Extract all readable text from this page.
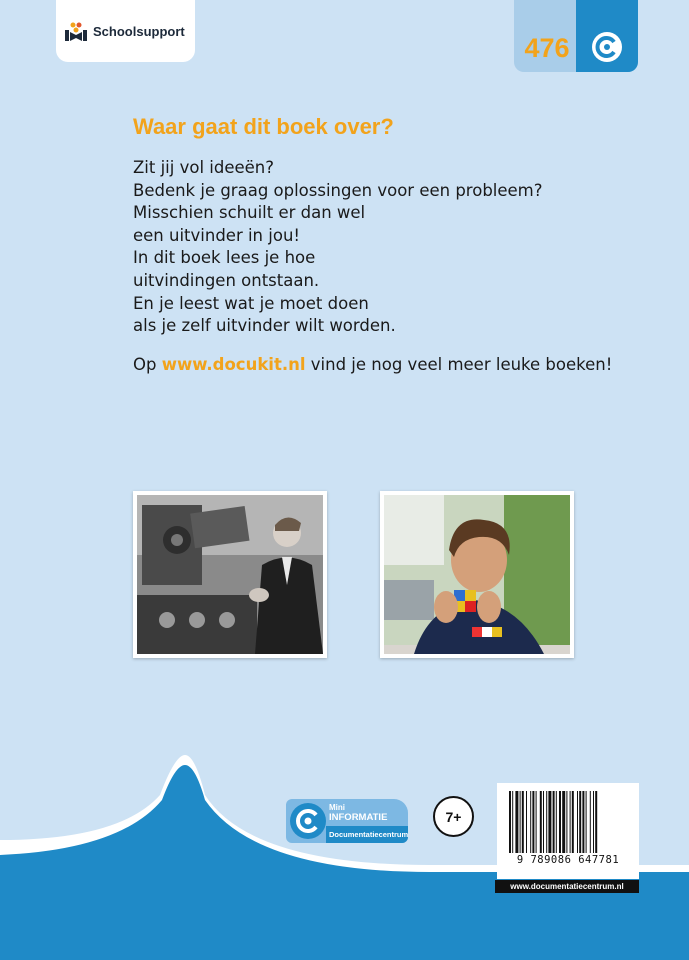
Schoolsupport
476
Waar gaat dit boek over?
Zit jij vol ideeën?
Bedenk je graag oplossingen voor een probleem?
Misschien schuilt er dan wel
een uitvinder in jou!
In dit boek lees je hoe
uitvindingen ontstaan.
En je leest wat je moet doen
als je zelf uitvinder wilt worden.
Op www.docukit.nl vind je nog veel meer leuke boeken!
Mini
INFORMATIE
Documentatiecentrum
7+
9 789086 647781
www.documentatiecentrum.nl
